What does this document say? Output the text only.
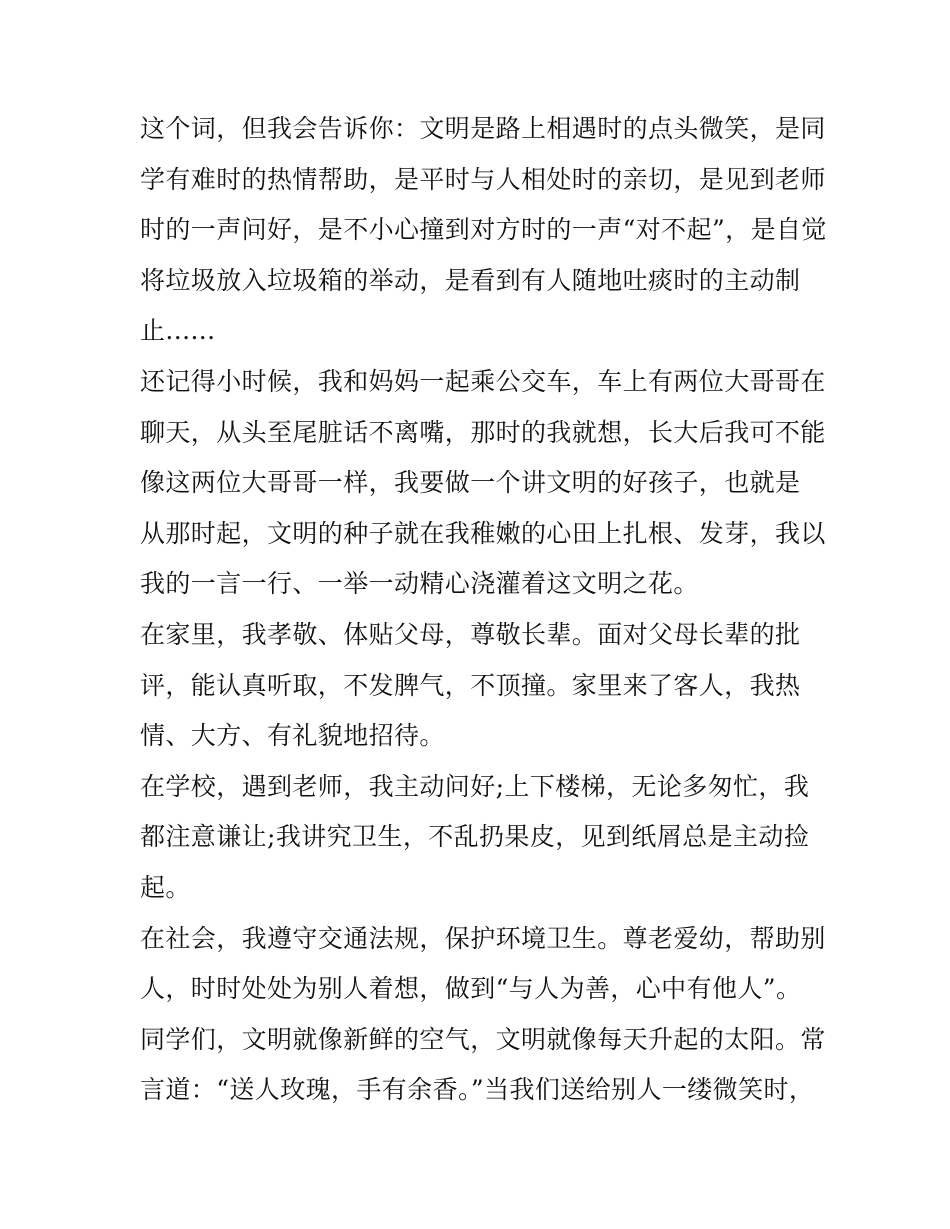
这个词，但我会告诉你：文明是路上相遇时的点头微笑，是同
学有难时的热情帮助，是平时与人相处时的亲切，是见到老师
时的一声问好，是不小心撞到对方时的一声“对不起”，是自觉
将垃圾放入垃圾箱的举动，是看到有人随地吐痰时的主动制
止......
还记得小时候，我和妈妈一起乘公交车，车上有两位大哥哥在
聊天，从头至尾脏话不离嘴，那时的我就想，长大后我可不能
像这两位大哥哥一样，我要做一个讲文明的好孩子，也就是
从那时起，文明的种子就在我稚嫩的心田上扎根、发芽，我以
我的一言一行、一举一动精心浇灌着这文明之花。
在家里，我孝敬、体贴父母，尊敬长辈。面对父母长辈的批
评，能认真听取，不发脾气，不顶撞。家里来了客人，我热
情、大方、有礼貌地招待。
在学校，遇到老师，我主动问好;上下楼梯，无论多匆忙，我
都注意谦让;我讲究卫生，不乱扔果皮，见到纸屑总是主动捡
起。
在社会，我遵守交通法规，保护环境卫生。尊老爱幼，帮助别
人，时时处处为别人着想，做到“与人为善，心中有他人”。
同学们，文明就像新鲜的空气，文明就像每天升起的太阳。常
言道：“送人玫瑰，手有余香。”当我们送给别人一缕微笑时，
